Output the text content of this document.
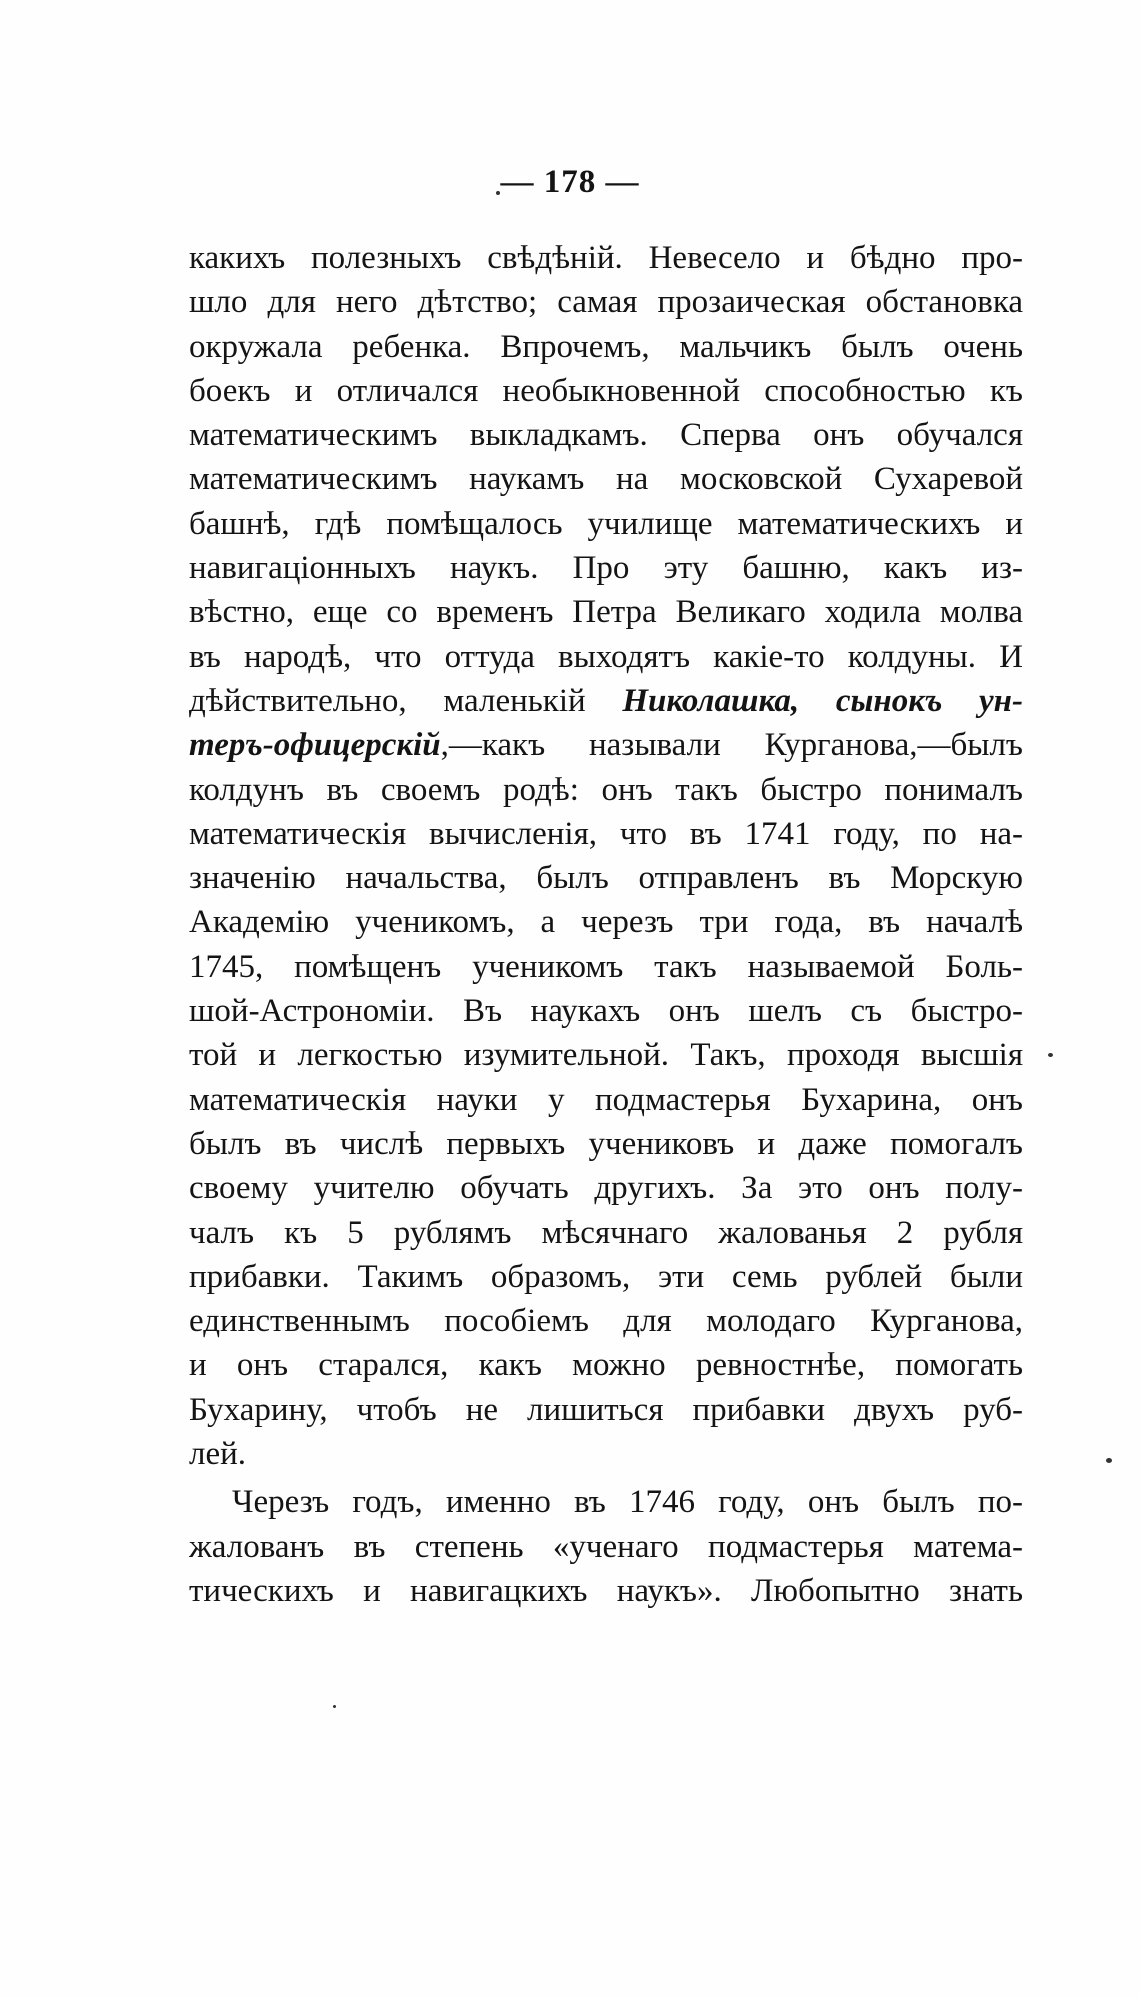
— 178 —
какихъ полезныхъ свѣдѣній. Невесело и бѣдно про-
шло для него дѣтство; самая прозаическая обстановка
окружала ребенка. Впрочемъ, мальчикъ былъ очень
боекъ и отличался необыкновенной способностью къ
математическимъ выкладкамъ. Сперва онъ обучался
математическимъ наукамъ на московской Сухаревой
башнѣ, гдѣ помѣщалось училище математическихъ и
навигаціонныхъ наукъ. Про эту башню, какъ из-
вѣстно, еще со временъ Петра Великаго ходила молва
въ народѣ, что оттуда выходятъ какіе-то колдуны. И
дѣйствительно, маленькій Николашка, сынокъ ун-
теръ-офицерскій,—какъ называли Курганова,—былъ
колдунъ въ своемъ родѣ: онъ такъ быстро понималъ
математическія вычисленія, что въ 1741 году, по на-
значенію начальства, былъ отправленъ въ Морскую
Академію ученикомъ, а черезъ три года, въ началѣ
1745, помѣщенъ ученикомъ такъ называемой Боль-
шой-Астрономіи. Въ наукахъ онъ шелъ съ быстро-
той и легкостью изумительной. Такъ, проходя высшія
математическія науки у подмастерья Бухарина, онъ
былъ въ числѣ первыхъ учениковъ и даже помогалъ
своему учителю обучать другихъ. За это онъ полу-
чалъ къ 5 рублямъ мѣсячнаго жалованья 2 рубля
прибавки. Такимъ образомъ, эти семь рублей были
единственнымъ пособіемъ для молодаго Курганова,
и онъ старался, какъ можно ревностнѣе, помогать
Бухарину, чтобъ не лишиться прибавки двухъ руб-
лей.
Черезъ годъ, именно въ 1746 году, онъ былъ по-
жалованъ въ степень «ученаго подмастерья матема-
тическихъ и навигацкихъ наукъ». Любопытно знать
